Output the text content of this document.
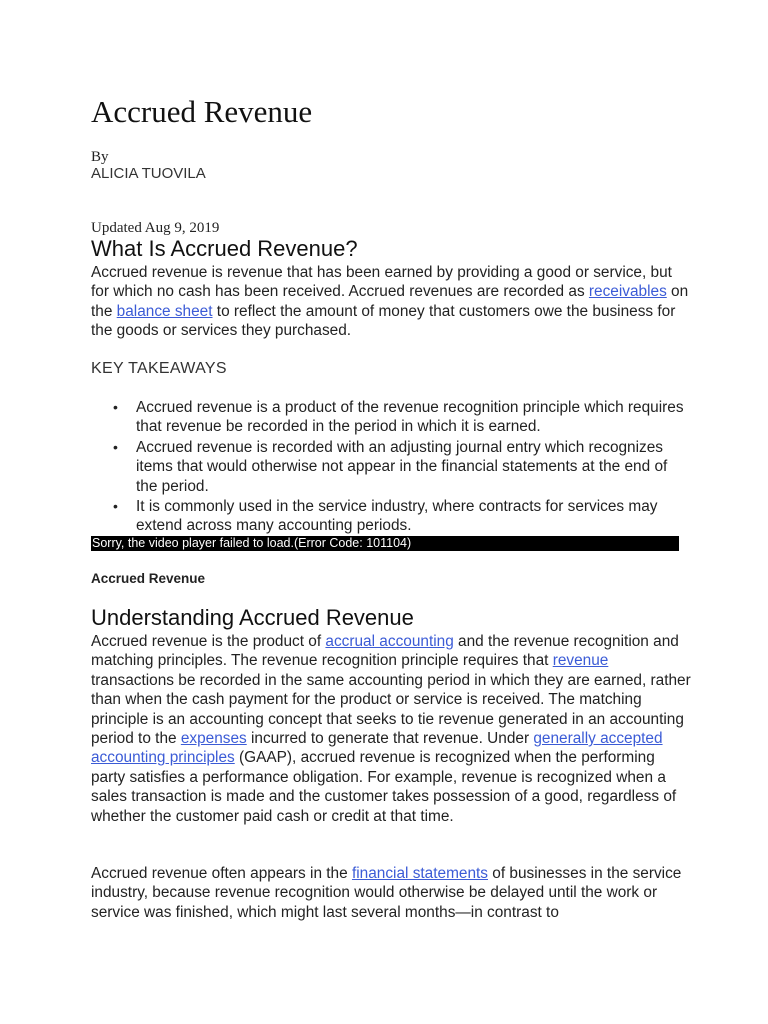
Accrued Revenue
By
ALICIA TUOVILA
Updated Aug 9, 2019
What Is Accrued Revenue?
Accrued revenue is revenue that has been earned by providing a good or service, but for which no cash has been received. Accrued revenues are recorded as receivables on the balance sheet to reflect the amount of money that customers owe the business for the goods or services they purchased.
KEY TAKEAWAYS
• Accrued revenue is a product of the revenue recognition principle which requires that revenue be recorded in the period in which it is earned.
• Accrued revenue is recorded with an adjusting journal entry which recognizes items that would otherwise not appear in the financial statements at the end of the period.
• It is commonly used in the service industry, where contracts for services may extend across many accounting periods.
Sorry, the video player failed to load.(Error Code: 101104)
Accrued Revenue
Understanding Accrued Revenue
Accrued revenue is the product of accrual accounting and the revenue recognition and matching principles. The revenue recognition principle requires that revenue transactions be recorded in the same accounting period in which they are earned, rather than when the cash payment for the product or service is received. The matching principle is an accounting concept that seeks to tie revenue generated in an accounting period to the expenses incurred to generate that revenue. Under generally accepted accounting principles (GAAP), accrued revenue is recognized when the performing party satisfies a performance obligation. For example, revenue is recognized when a sales transaction is made and the customer takes possession of a good, regardless of whether the customer paid cash or credit at that time.
Accrued revenue often appears in the financial statements of businesses in the service industry, because revenue recognition would otherwise be delayed until the work or service was finished, which might last several months—in contrast to
